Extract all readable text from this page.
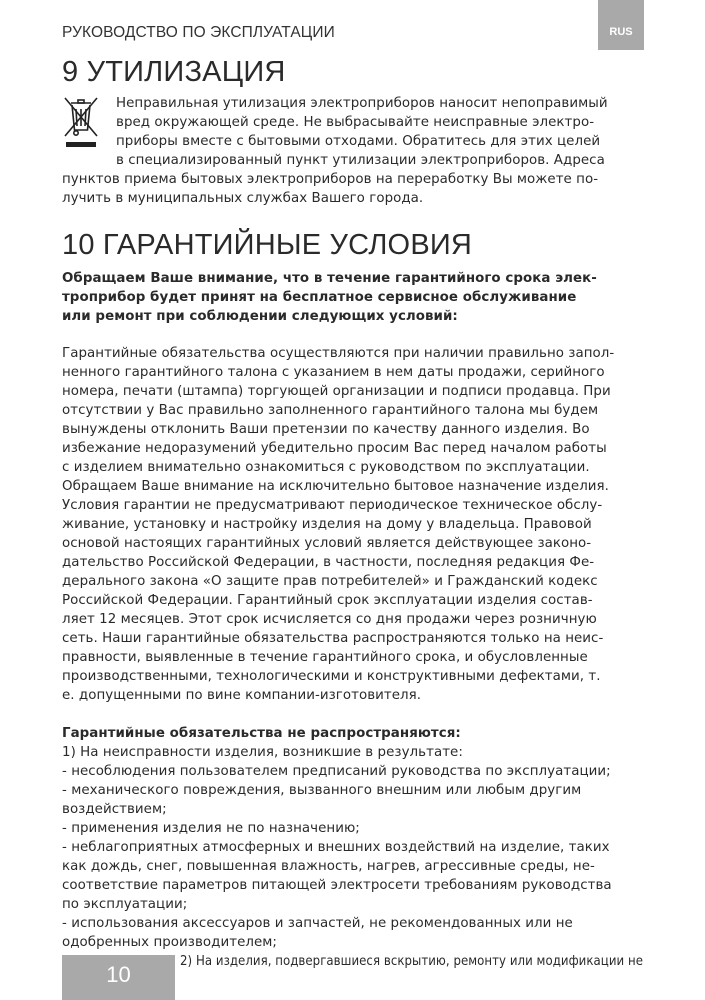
РУКОВОДСТВО ПО ЭКСПЛУАТАЦИИ	RUS
9 УТИЛИЗАЦИЯ
Неправильная утилизация электроприборов наносит непоправимый
вред окружающей среде. Не выбрасывайте неисправные электро-
приборы вместе с бытовыми отходами. Обратитесь для этих целей
в специализированный пункт утилизации электроприборов. Адреса
пунктов приема бытовых электроприборов на переработку Вы можете по-
лучить в муниципальных службах Вашего города.
10 ГАРАНТИЙНЫЕ УСЛОВИЯ
Обращаем Ваше внимание, что в течение гарантийного срока элек-
троприбор будет принят на бесплатное сервисное обслуживание
или ремонт при соблюдении следующих условий:
Гарантийные обязательства осуществляются при наличии правильно запол-
ненного гарантийного талона с указанием в нем даты продажи, серийного
номера, печати (штампа) торгующей организации и подписи продавца. При
отсутствии у Вас правильно заполненного гарантийного талона мы будем
вынуждены отклонить Ваши претензии по качеству данного изделия. Во
избежание недоразумений убедительно просим Вас перед началом работы
с изделием внимательно ознакомиться с руководством по эксплуатации.
Обращаем Ваше внимание на исключительно бытовое назначение изделия.
Условия гарантии не предусматривают периодическое техническое обслу-
живание, установку и настройку изделия на дому у владельца. Правовой
основой настоящих гарантийных условий является действующее законо-
дательство Российской Федерации, в частности, последняя редакция Фе-
дерального закона «О защите прав потребителей» и Гражданский кодекс
Российской Федерации. Гарантийный срок эксплуатации изделия состав-
ляет 12 месяцев. Этот срок исчисляется со дня продажи через розничную
сеть. Наши гарантийные обязательства распространяются только на неис-
правности, выявленные в течение гарантийного срока, и обусловленные
производственными, технологическими и конструктивными дефектами, т.
е. допущенными по вине компании-изготовителя.
Гарантийные обязательства не распространяются:
1) На неисправности изделия, возникшие в результате:
- несоблюдения пользователем предписаний руководства по эксплуатации;
- механического повреждения, вызванного внешним или любым другим
воздействием;
- применения изделия не по назначению;
- неблагоприятных атмосферных и внешних воздействий на изделие, таких
как дождь, снег, повышенная влажность, нагрев, агрессивные среды, не-
соответствие параметров питающей электросети требованиям руководства
по эксплуатации;
- использования аксессуаров и запчастей, не рекомендованных или не
одобренных производителем;
2) На изделия, подвергавшиеся вскрытию, ремонту или модификации не
10
